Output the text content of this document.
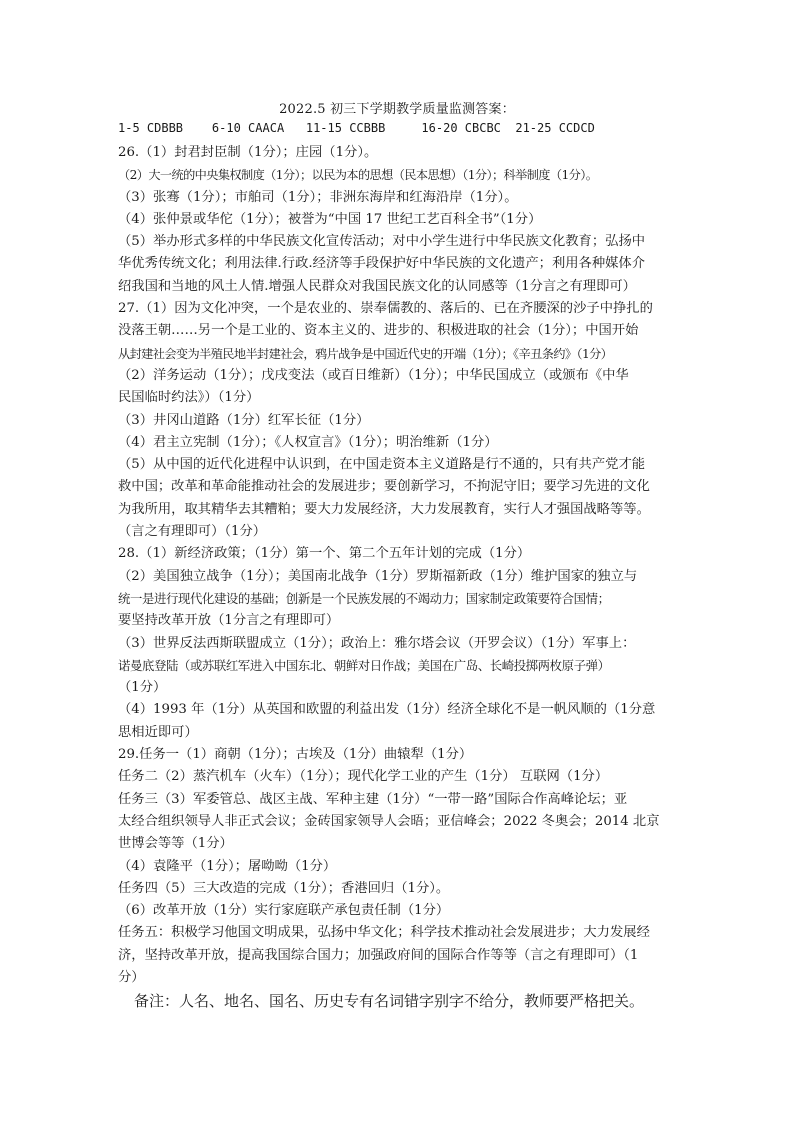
2022.5 初三下学期教学质量监测答案：
1-5 CDBBB    6-10 CAACA   11-15 CCBBB     16-20 CBCBC  21-25 CCDCD
26.（1）封君封臣制（1分）；庄园（1分）。
（2）大一统的中央集权制度（1分）；以民为本的思想（民本思想）（1分）；科举制度（1分）。
（3）张骞（1分）；市舶司（1分）；非洲东海岸和红海沿岸（1分）。
（4）张仲景或华佗（1分）；被誉为“中国 17 世纪工艺百科全书”（1分）
（5）举办形式多样的中华民族文化宣传活动；对中小学生进行中华民族文化教育；弘扬中
华优秀传统文化；利用法律.行政.经济等手段保护好中华民族的文化遗产；利用各种媒体介
绍我国和当地的风土人情.增强人民群众对我国民族文化的认同感等（1分言之有理即可）
27.（1）因为文化冲突，一个是农业的、崇奉儒教的、落后的、已在齐腰深的沙子中挣扎的
没落王朝……另一个是工业的、资本主义的、进步的、积极进取的社会（1分）；中国开始
从封建社会变为半殖民地半封建社会，鸦片战争是中国近代史的开端（1分）；《辛丑条约》（1分）
（2）洋务运动（1分）；戊戌变法（或百日维新）（1分）；中华民国成立（或颁布《中华
民国临时约法》）（1分）
（3）井冈山道路（1分）红军长征（1分）
（4）君主立宪制（1分）；《人权宣言》（1分）；明治维新（1分）
（5）从中国的近代化进程中认识到，在中国走资本主义道路是行不通的，只有共产党才能
救中国；改革和革命能推动社会的发展进步；要创新学习，不拘泥守旧；要学习先进的文化
为我所用，取其精华去其糟粕；要大力发展经济，大力发展教育，实行人才强国战略等等。
（言之有理即可）（1分）
28.（1）新经济政策；（1分）第一个、第二个五年计划的完成（1分）
（2）美国独立战争（1分）；美国南北战争（1分）罗斯福新政（1分）维护国家的独立与
统一是进行现代化建设的基础；创新是一个民族发展的不竭动力；国家制定政策要符合国情；
要坚持改革开放（1分言之有理即可）
（3）世界反法西斯联盟成立（1分）；政治上：雅尔塔会议（开罗会议）（1分）军事上：
诺曼底登陆（或苏联红军进入中国东北、朝鲜对日作战；美国在广岛、长崎投掷两枚原子弹）
（1分）
（4）1993 年（1分）从英国和欧盟的利益出发（1分）经济全球化不是一帆风顺的（1分意
思相近即可）
29.任务一（1）商朝（1分）；古埃及（1分）曲辕犁（1分）
任务二（2）蒸汽机车（火车）（1分）；现代化学工业的产生（1分） 互联网（1分）
任务三（3）军委管总、战区主战、军种主建（1分）“一带一路”国际合作高峰论坛；亚
太经合组织领导人非正式会议；金砖国家领导人会晤；亚信峰会；2022 冬奥会；2014 北京
世博会等等（1分）
（4）袁隆平（1分）；屠呦呦（1分）
任务四（5）三大改造的完成（1分）；香港回归（1分）。
（6）改革开放（1分）实行家庭联产承包责任制（1分）
任务五：积极学习他国文明成果，弘扬中华文化；科学技术推动社会发展进步；大力发展经
济，坚持改革开放，提高我国综合国力；加强政府间的国际合作等等（言之有理即可）（1
分）
备注：人名、地名、国名、历史专有名词错字别字不给分，教师要严格把关。
